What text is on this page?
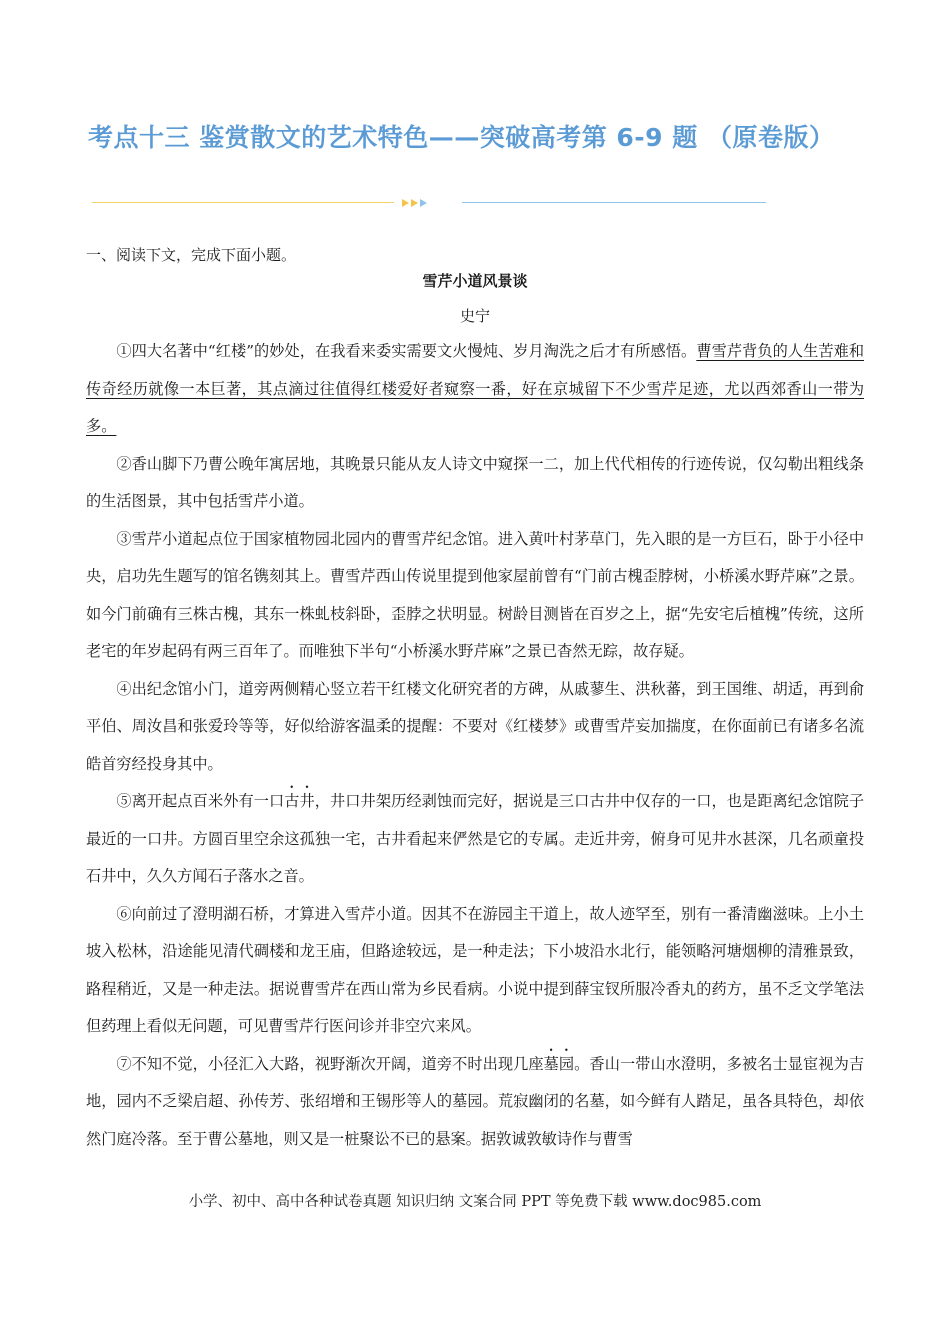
考点十三 鉴赏散文的艺术特色——突破高考第 6-9 题 （原卷版）
一、阅读下文，完成下面小题。
雪芹小道风景谈
史宁

①四大名著中“红楼”的妙处，在我看来委实需要文火慢炖、岁月淘洗之后才有所感悟。曹雪芹背负的人生苦难和传奇经历就像一本巨著，其点滴过往值得红楼爱好者窥察一番，好在京城留下不少雪芹足迹，尤以西郊香山一带为多。

②香山脚下乃曹公晚年寓居地，其晚景只能从友人诗文中窥探一二，加上代代相传的行迹传说，仅勾勒出粗线条的生活图景，其中包括雪芹小道。

③雪芹小道起点位于国家植物园北园内的曹雪芹纪念馆。进入黄叶村茅草门，先入眼的是一方巨石，卧于小径中央，启功先生题写的馆名镌刻其上。曹雪芹西山传说里提到他家屋前曾有“门前古槐歪脖树，小桥溪水野芹麻”之景。如今门前确有三株古槐，其东一株虬枝斜卧，歪脖之状明显。树龄目测皆在百岁之上，据“先安宅后植槐”传统，这所老宅的年岁起码有两三百年了。而唯独下半句“小桥溪水野芹麻”之景已杳然无踪，故存疑。

④出纪念馆小门，道旁两侧精心竖立若干红楼文化研究者的方碑，从戚蓼生、洪秋蕃，到王国维、胡适，再到俞平伯、周汝昌和张爱玲等等，好似给游客温柔的提醒：不要对《红楼梦》或曹雪芹妄加揣度，在你面前已有诸多名流皓首穷经投身其中。

⑤离开起点百米外有一口古井，井口井架历经剥蚀而完好，据说是三口古井中仅存的一口，也是距离纪念馆院子最近的一口井。方圆百里空余这孤独一宅，古井看起来俨然是它的专属。走近井旁，俯身可见井水甚深，几名顽童投石井中，久久方闻石子落水之音。

⑥向前过了澄明湖石桥，才算进入雪芹小道。因其不在游园主干道上，故人迹罕至，别有一番清幽滋味。上小土坡入松林，沿途能见清代碉楼和龙王庙，但路途较远，是一种走法；下小坡沿水北行，能领略河塘烟柳的清雅景致，路程稍近，又是一种走法。据说曹雪芹在西山常为乡民看病。小说中提到薛宝钗所服冷香丸的药方，虽不乏文学笔法但药理上看似无问题，可见曹雪芹行医问诊并非空穴来风。

⑦不知不觉，小径汇入大路，视野渐次开阔，道旁不时出现几座墓园。香山一带山水澄明，多被名士显宦视为吉地，园内不乏梁启超、孙传芳、张绍增和王锡彤等人的墓园。荒寂幽闭的名墓，如今鲜有人踏足，虽各具特色，却依然门庭冷落。至于曹公墓地，则又是一桩聚讼不已的悬案。据敦诚敦敏诗作与曹雪

小学、初中、高中各种试卷真题 知识归纳 文案合同 PPT 等免费下载 www.doc985.com
